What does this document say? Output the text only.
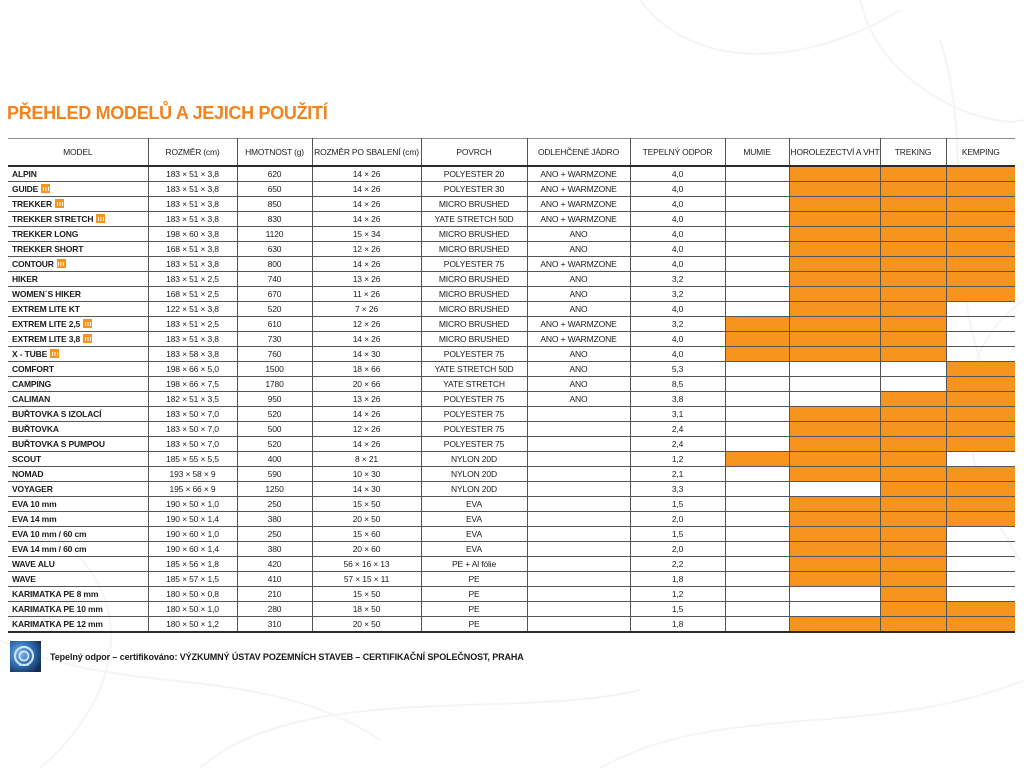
PŘEHLED MODELŮ A JEJICH POUŽITÍ
MODEL	ROZMĚR (cm)	HMOTNOST (g)	ROZMĚR PO SBALENÍ (cm)	POVRCH	ODLEHČENÉ JÁDRO	TEPELNÝ ODPOR	MUMIE	HOROLEZECTVÍ A VHT	TREKING	KEMPING
ALPIN	183 × 51 × 3,8	620	14 × 26	POLYESTER 20	ANO + WARMZONE	4,0				
GUIDE	183 × 51 × 3,8	650	14 × 26	POLYESTER 30	ANO + WARMZONE	4,0				
TREKKER	183 × 51 × 3,8	850	14 × 26	MICRO BRUSHED	ANO + WARMZONE	4,0				
TREKKER STRETCH	183 × 51 × 3,8	830	14 × 26	YATE STRETCH 50D	ANO + WARMZONE	4,0				
TREKKER LONG	198 × 60 × 3,8	1120	15 × 34	MICRO BRUSHED	ANO	4,0				
TREKKER SHORT	168 × 51 × 3,8	630	12 × 26	MICRO BRUSHED	ANO	4,0				
CONTOUR	183 × 51 × 3,8	800	14 × 26	POLYESTER 75	ANO + WARMZONE	4,0				
HIKER	183 × 51 × 2,5	740	13 × 26	MICRO BRUSHED	ANO	3,2				
WOMEN´S HIKER	168 × 51 × 2,5	670	11 × 26	MICRO BRUSHED	ANO	3,2				
EXTREM LITE KT	122 × 51 × 3,8	520	7 × 26	MICRO BRUSHED	ANO	4,0				
EXTREM LITE 2,5	183 × 51 × 2,5	610	12 × 26	MICRO BRUSHED	ANO + WARMZONE	3,2				
EXTREM LITE 3,8	183 × 51 × 3,8	730	14 × 26	MICRO BRUSHED	ANO + WARMZONE	4,0				
X - TUBE	183 × 58 × 3,8	760	14 × 30	POLYESTER 75	ANO	4,0				
COMFORT	198 × 66 × 5,0	1500	18 × 66	YATE STRETCH 50D	ANO	5,3				
CAMPING	198 × 66 × 7,5	1780	20 × 66	YATE STRETCH	ANO	8,5				
CALIMAN	182 × 51 × 3,5	950	13 × 26	POLYESTER 75	ANO	3,8				
BUŘTOVKA S IZOLACÍ	183 × 50 × 7,0	520	14 × 26	POLYESTER 75		3,1				
BUŘTOVKA	183 × 50 × 7,0	500	12 × 26	POLYESTER 75		2,4				
BUŘTOVKA S PUMPOU	183 × 50 × 7,0	520	14 × 26	POLYESTER 75		2,4				
SCOUT	185 × 55 × 5,5	400	8 × 21	NYLON 20D		1,2				
NOMAD	193 × 58 × 9	590	10 × 30	NYLON 20D		2,1				
VOYAGER	195 × 66 × 9	1250	14 × 30	NYLON 20D		3,3				
EVA 10 mm	190 × 50 × 1,0	250	15 × 50	EVA		1,5				
EVA 14 mm	190 × 50 × 1,4	380	20 × 50	EVA		2,0				
EVA 10 mm / 60 cm	190 × 60 × 1,0	250	15 × 60	EVA		1,5				
EVA 14 mm / 60 cm	190 × 60 × 1,4	380	20 × 60	EVA		2,0				
WAVE ALU	185 × 56 × 1,8	420	56 × 16 × 13	PE + Al fólie		2,2				
WAVE	185 × 57 × 1,5	410	57 × 15 × 11	PE		1,8				
KARIMATKA PE 8 mm	180 × 50 × 0,8	210	15 × 50	PE		1,2				
KARIMATKA PE 10 mm	180 × 50 × 1,0	280	18 × 50	PE		1,5				
KARIMATKA PE 12 mm	180 × 50 × 1,2	310	20 × 50	PE		1,8				
Tepelný odpor – certifikováno: VÝZKUMNÝ ÚSTAV POZEMNÍCH STAVEB – CERTIFIKAČNÍ SPOLEČNOST, PRAHA
